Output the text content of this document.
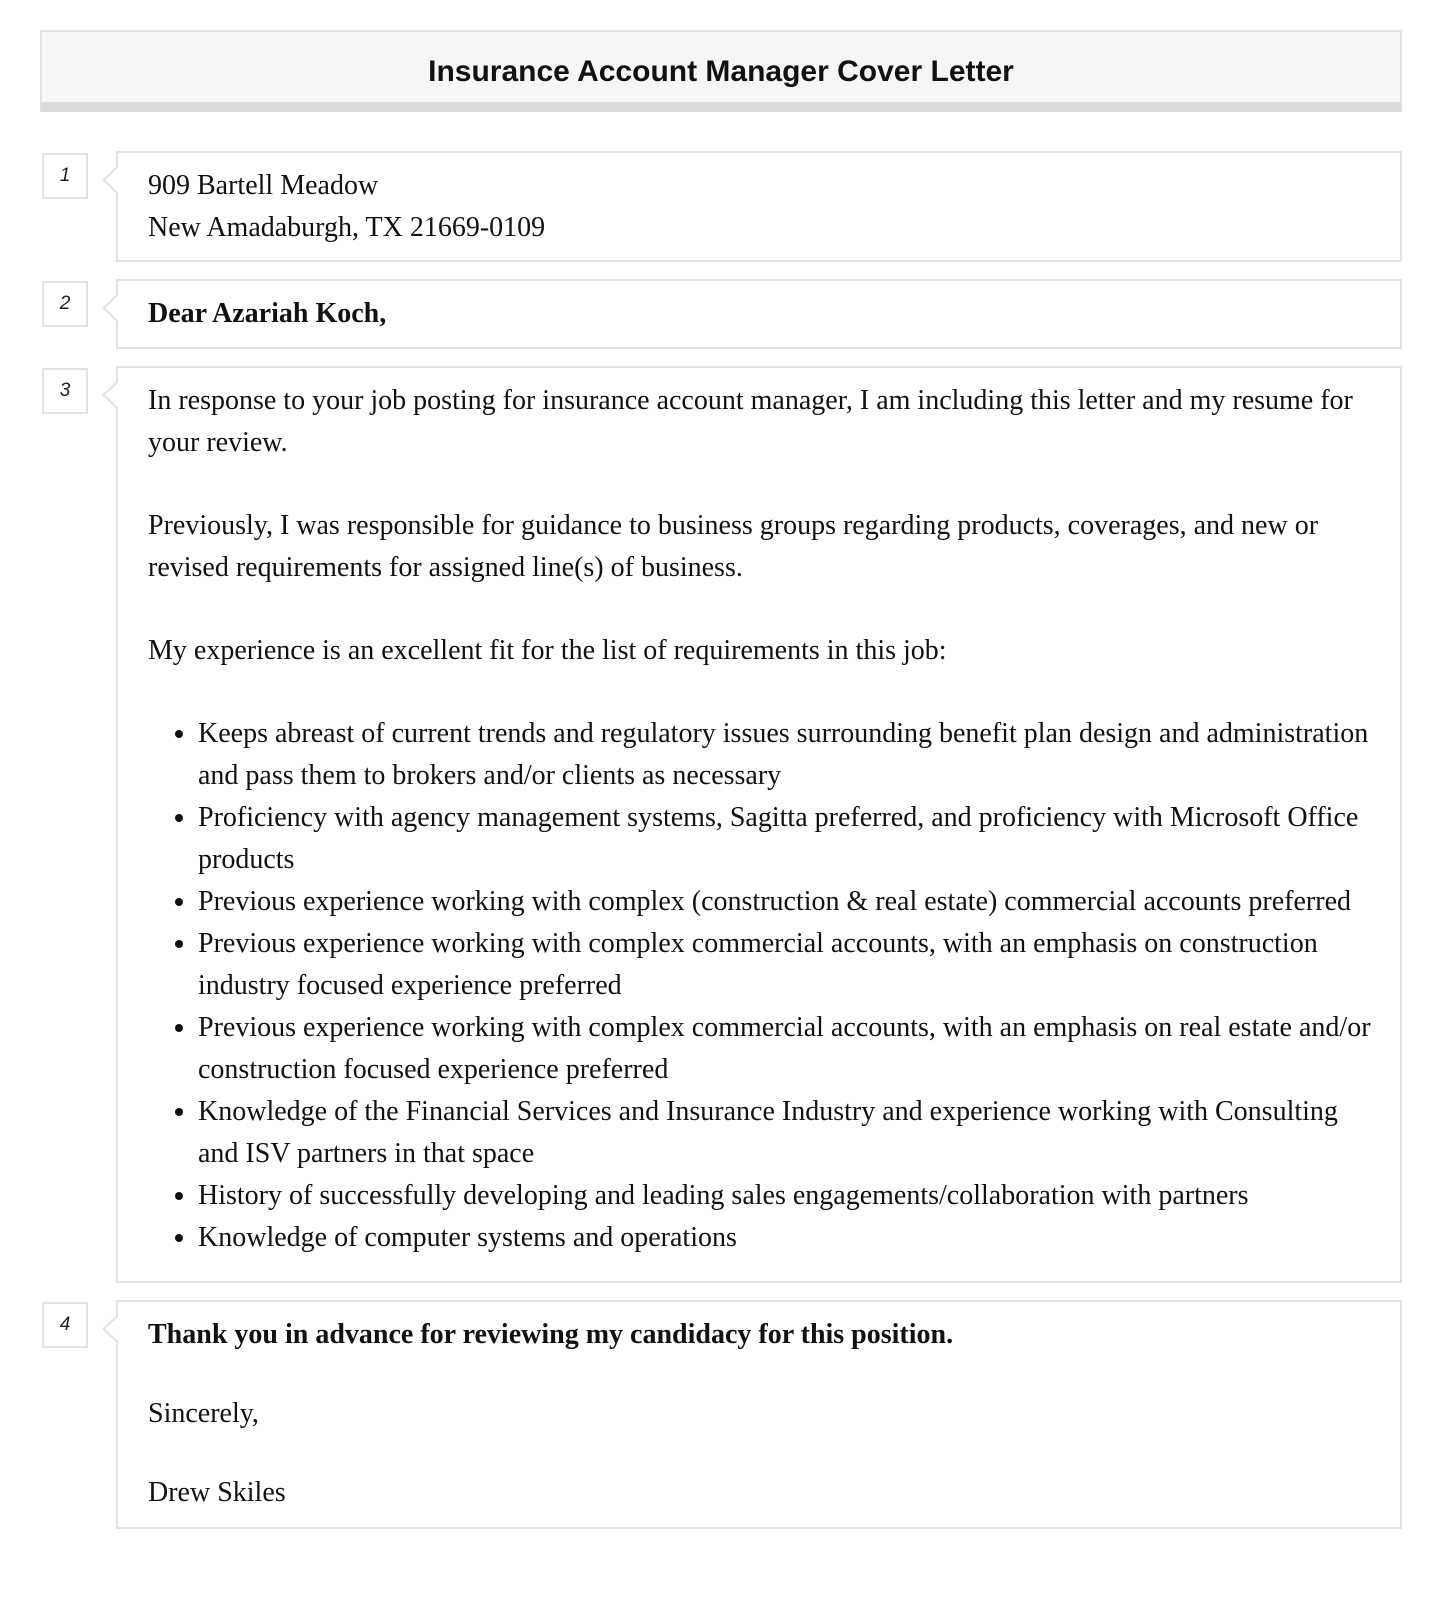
Insurance Account Manager Cover Letter
1	909 Bartell Meadow

New Amadaburgh, TX 21669-0109

2	Dear Azariah Koch,

3	In response to your job posting for insurance account manager, I am including this letter and my resume for your review.

Previously, I was responsible for guidance to business groups regarding products, coverages, and new or revised requirements for assigned line(s) of business.

My experience is an excellent fit for the list of requirements in this job:

• Keeps abreast of current trends and regulatory issues surrounding benefit plan design and administration and pass them to brokers and/or clients as necessary
• Proficiency with agency management systems, Sagitta preferred, and proficiency with Microsoft Office products
• Previous experience working with complex (construction & real estate) commercial accounts preferred
• Previous experience working with complex commercial accounts, with an emphasis on construction industry focused experience preferred
• Previous experience working with complex commercial accounts, with an emphasis on real estate and/or construction focused experience preferred
• Knowledge of the Financial Services and Insurance Industry and experience working with Consulting and ISV partners in that space
• History of successfully developing and leading sales engagements/collaboration with partners
• Knowledge of computer systems and operations
4	Thank you in advance for reviewing my candidacy for this position.

Sincerely,

Drew Skiles
